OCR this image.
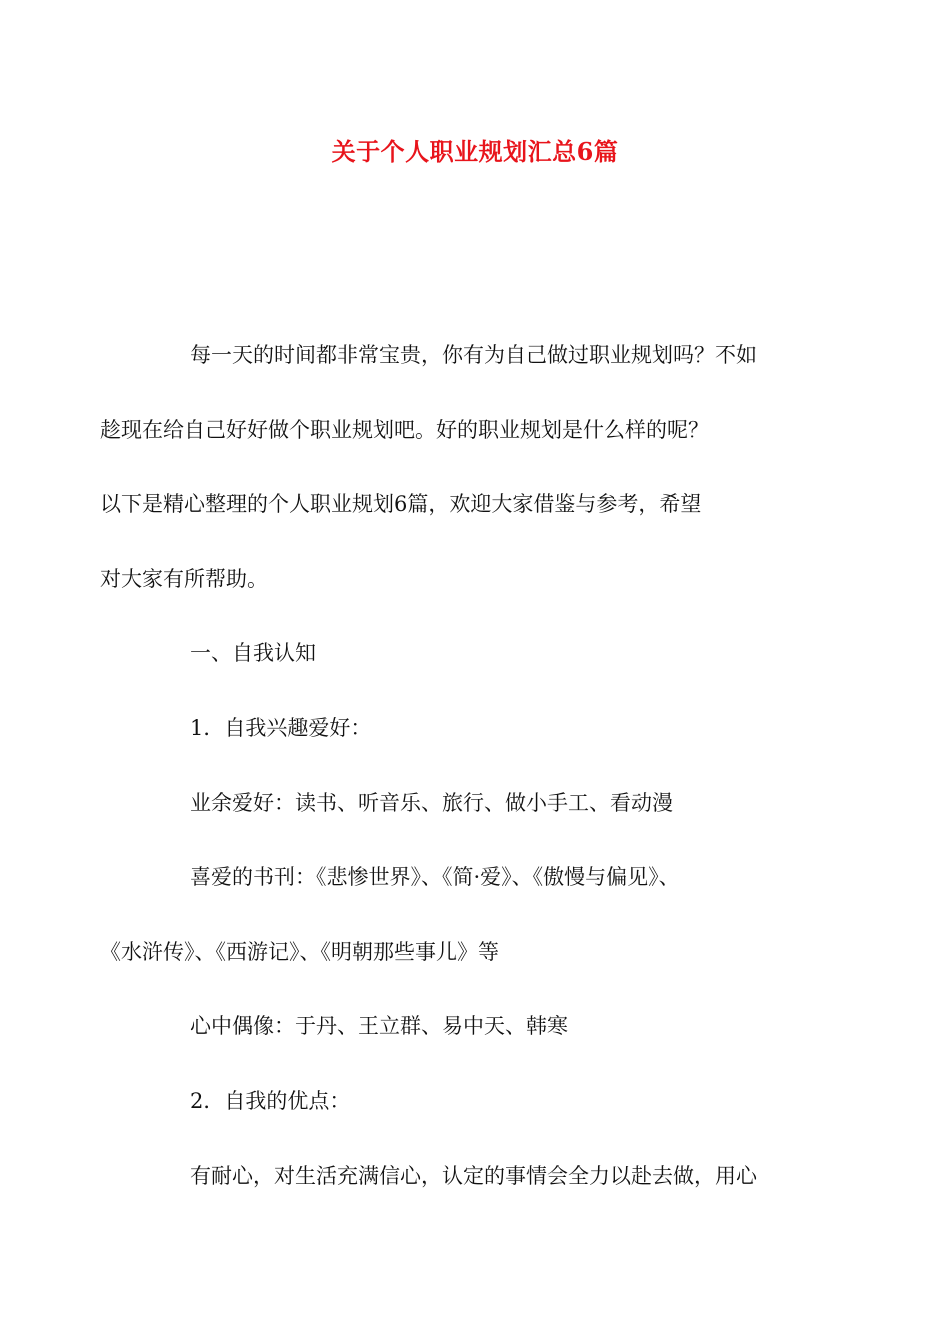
关于个人职业规划汇总6篇

每一天的时间都非常宝贵，你有为自己做过职业规划吗？不如
趁现在给自己好好做个职业规划吧。好的职业规划是什么样的呢？
以下是精心整理的个人职业规划6篇，欢迎大家借鉴与参考，希望
对大家有所帮助。

一、自我认知

1．自我兴趣爱好：

业余爱好：读书、听音乐、旅行、做小手工、看动漫

喜爱的书刊：《悲惨世界》、《简·爱》、《傲慢与偏见》、
《水浒传》、《西游记》、《明朝那些事儿》等

心中偶像：于丹、王立群、易中天、韩寒

2．自我的优点：

有耐心，对生活充满信心，认定的事情会全力以赴去做，用心
